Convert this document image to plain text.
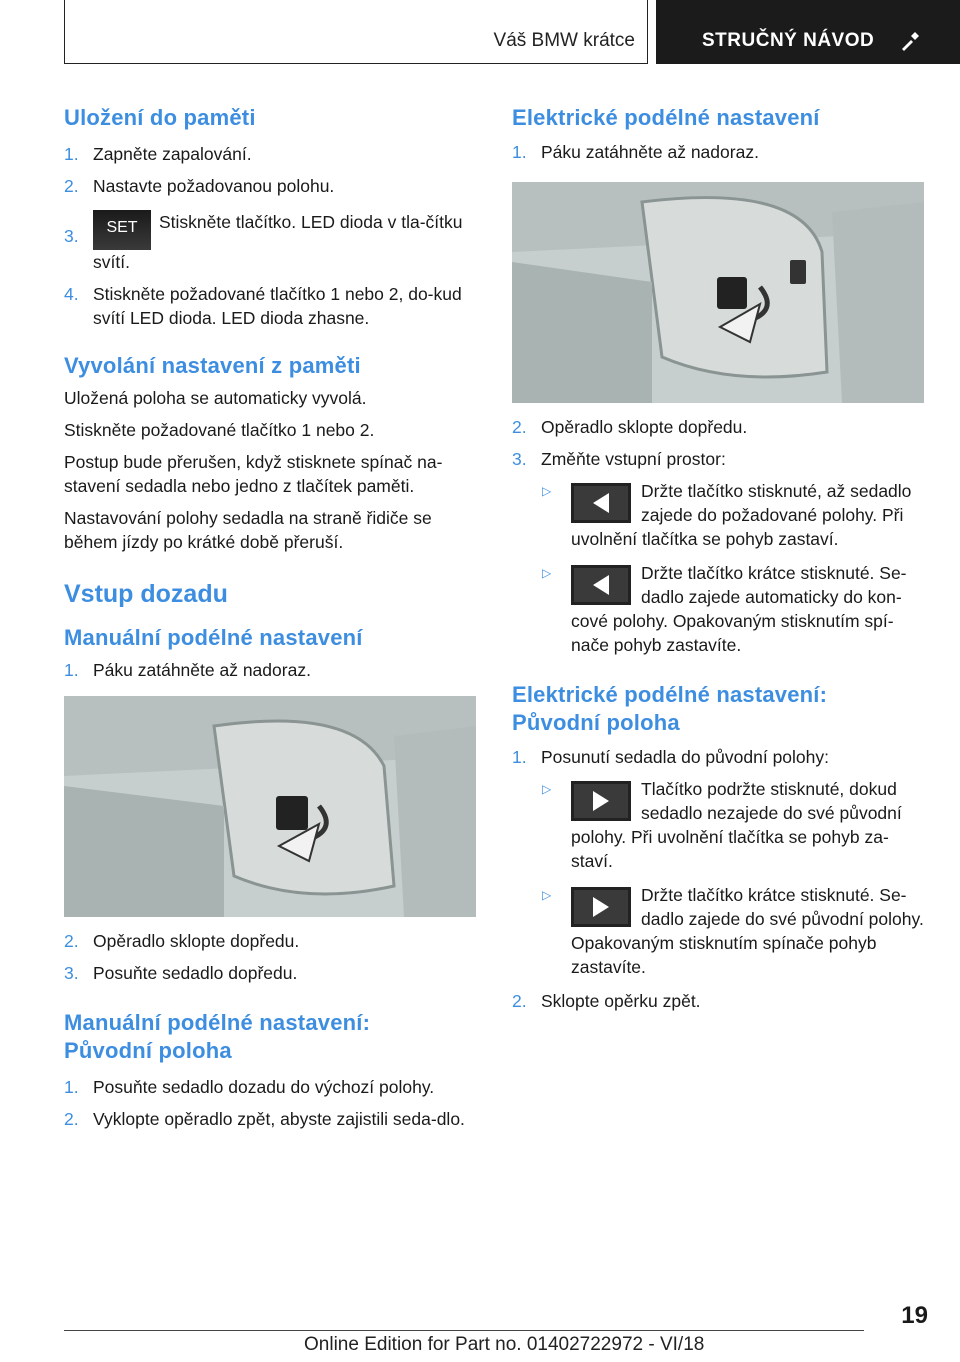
Váš BMW krátce	STRUČNÝ NÁVOD
Uložení do paměti
1. Zapněte zapalování.
2. Nastavte požadovanou polohu.
3.	SET Stiskněte tlačítko. LED dioda v tla-čítku svítí.
4. Stiskněte požadované tlačítko 1 nebo 2, do-kud svítí LED dioda. LED dioda zhasne.
Vyvolání nastavení z paměti

Uložená poloha se automaticky vyvolá.

Stiskněte požadované tlačítko 1 nebo 2.

Postup bude přerušen, když stisknete spínač na-stavení sedadla nebo jedno z tlačítek paměti.

Nastavování polohy sedadla na straně řidiče se během jízdy po krátké době přeruší.

Vstup dozadu
Manuální podélné nastavení
1. Páku zatáhněte až nadoraz.
2. Opěradlo sklopte dopředu.
3. Posuňte sedadlo dopředu.
Manuální podélné nastavení: Původní poloha
1. Posuňte sedadlo dozadu do výchozí polohy.
2. Vyklopte opěradlo zpět, abyste zajistili seda-dlo.
Elektrické podélné nastavení
1. Páku zatáhněte až nadoraz.
2. Opěradlo sklopte dopředu.
3. Změňte vstupní prostor:
▷	Držte tlačítko stisknuté, až sedadlo zajede do požadované polohy. Při uvolnění tlačítka se pohyb zastaví.
▷	Držte tlačítko krátce stisknuté. Se-dadlo zajede automaticky do kon-cové polohy. Opakovaným stisknutím spí-nače pohyb zastavíte.
Elektrické podélné nastavení: Původní poloha
1. Posunutí sedadla do původní polohy:
▷	Tlačítko podržte stisknuté, dokud sedadlo nezajede do své původní polohy. Při uvolnění tlačítka se pohyb za-staví.
▷	Držte tlačítko krátce stisknuté. Se-dadlo zajede do své původní polohy. Opakovaným stisknutím spínače pohyb zastavíte.
2. Sklopte opěrku zpět.
19
Online Edition for Part no. 01402722972 - VI/18
